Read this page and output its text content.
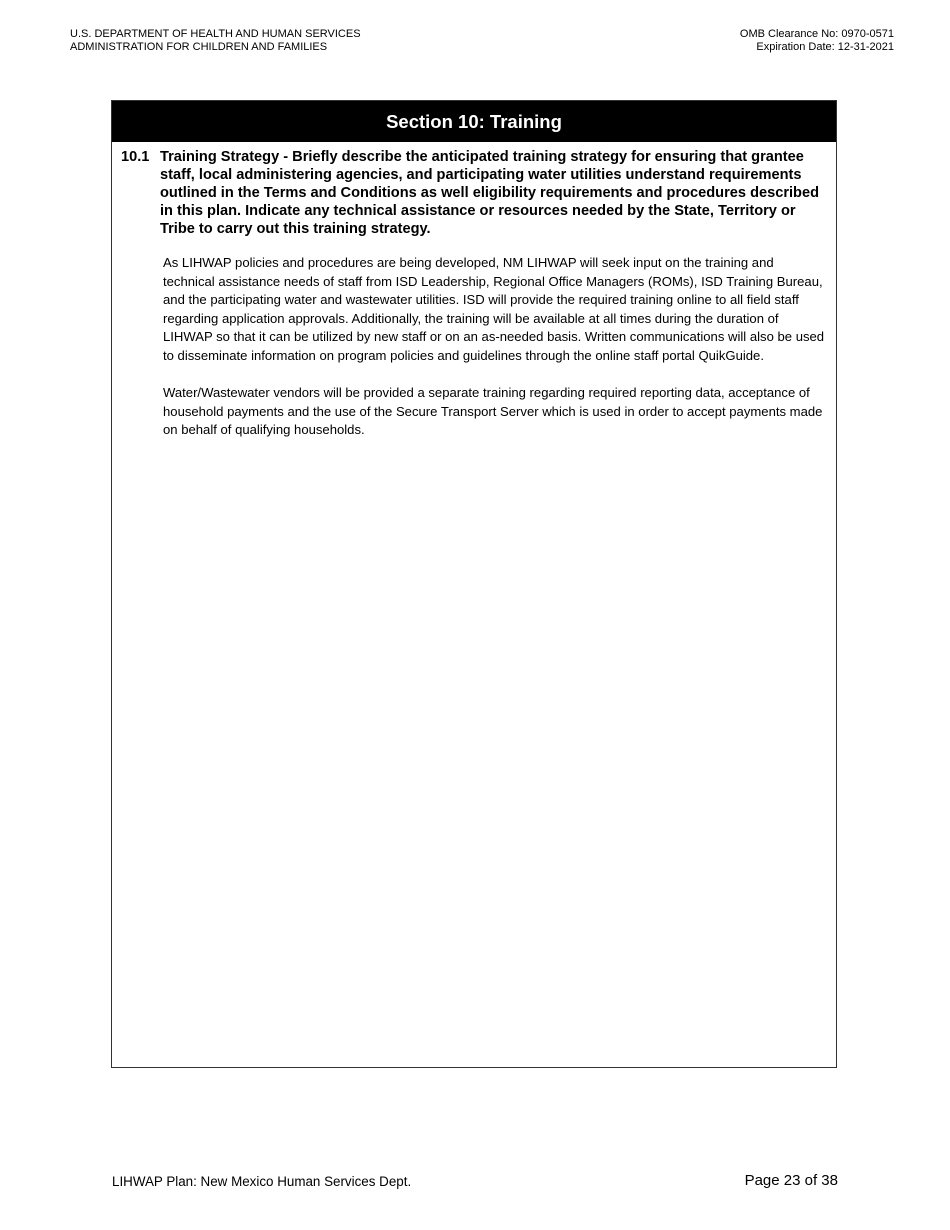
U.S. DEPARTMENT OF HEALTH AND HUMAN SERVICES
ADMINISTRATION FOR CHILDREN AND FAMILIES
OMB Clearance No: 0970-0571
Expiration Date: 12-31-2021
Section 10: Training
10.1 Training Strategy - Briefly describe the anticipated training strategy for ensuring that grantee staff, local administering agencies, and participating water utilities understand requirements outlined in the Terms and Conditions as well eligibility requirements and procedures described in this plan. Indicate any technical assistance or resources needed by the State, Territory or Tribe to carry out this training strategy.

As LIHWAP policies and procedures are being developed, NM LIHWAP will seek input on the training and technical assistance needs of staff from ISD Leadership, Regional Office Managers (ROMs), ISD Training Bureau, and the participating water and wastewater utilities. ISD will provide the required training online to all field staff regarding application approvals. Additionally, the training will be available at all times during the duration of LIHWAP so that it can be utilized by new staff or on an as-needed basis. Written communications will also be used to disseminate information on program policies and guidelines through the online staff portal QuikGuide.

Water/Wastewater vendors will be provided a separate training regarding required reporting data, acceptance of household payments and the use of the Secure Transport Server which is used in order to accept payments made on behalf of qualifying households.

LIHWAP Plan: New Mexico Human Services Dept.	Page 23 of 38
